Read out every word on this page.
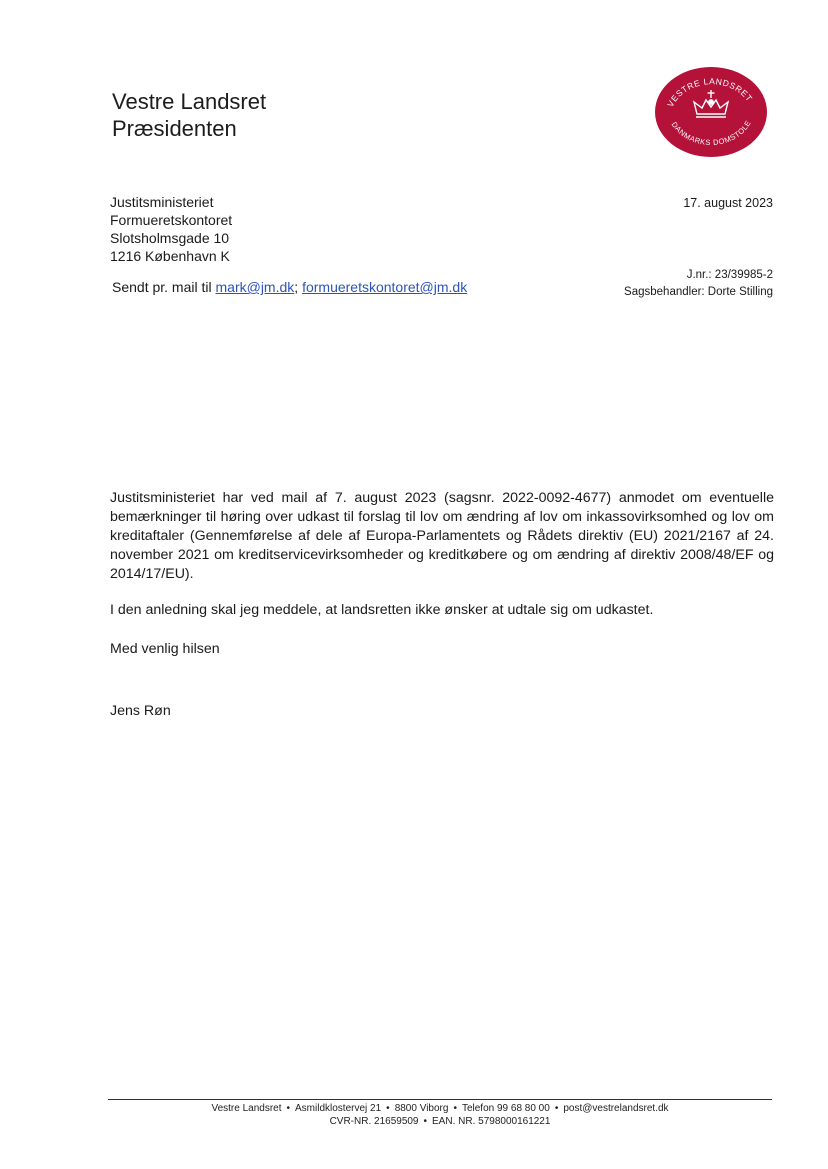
Vestre Landsret
Præsidenten
VESTRE LANDSRET
DANMARKS DOMSTOLE
Justitsministeriet
Formueretskontoret
Slotsholmsgade 10
1216 København K
17. august 2023
Sendt pr. mail til mark@jm.dk; formueretskontoret@jm.dk
J.nr.: 23/39985-2
Sagsbehandler: Dorte Stilling
Justitsministeriet har ved mail af 7. august 2023 (sagsnr. 2022-0092-4677) anmodet om eventuelle bemærkninger til høring over udkast til forslag til lov om ændring af lov om inkassovirksomhed og lov om kreditaftaler (Gennemførelse af dele af Europa-Parlamentets og Rådets direktiv (EU) 2021/2167 af 24. november 2021 om kreditservicevirksomheder og kreditkøbere og om ændring af direktiv 2008/48/EF og 2014/17/EU).
I den anledning skal jeg meddele, at landsretten ikke ønsker at udtale sig om udkastet.
Med venlig hilsen
Jens Røn
Vestre Landsret • Asmildklostervej 21 • 8800 Viborg • Telefon 99 68 80 00 • post@vestrelandsret.dk
CVR-NR. 21659509 • EAN. NR. 5798000161221
